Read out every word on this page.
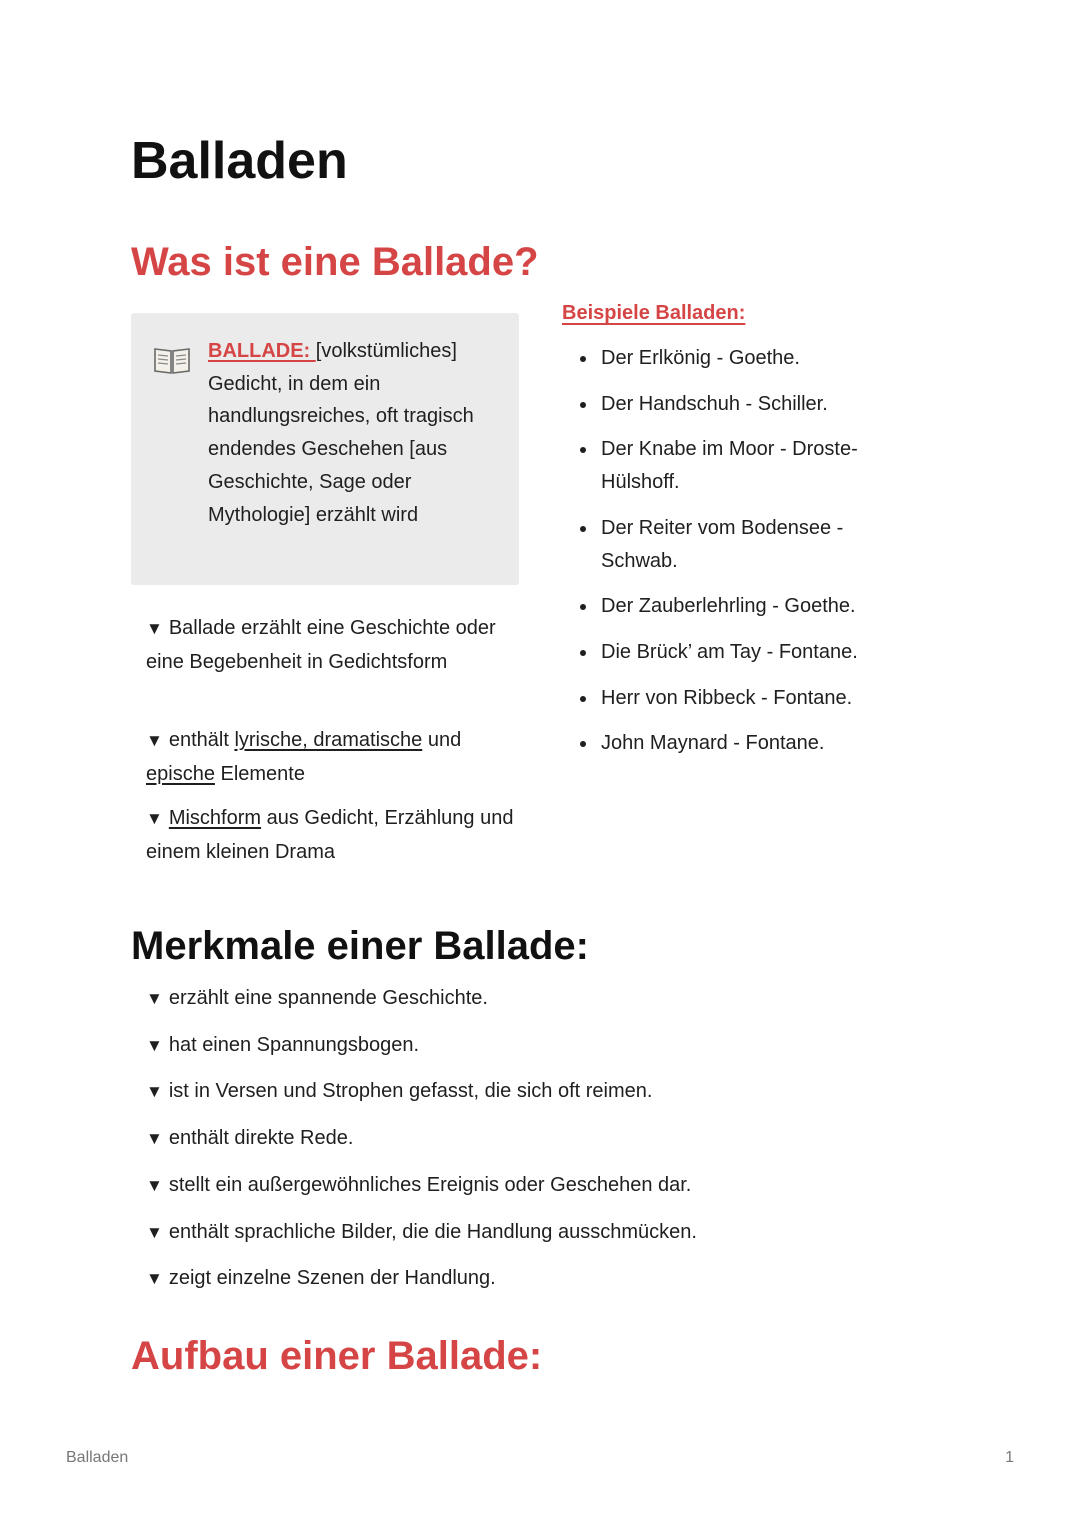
Balladen
Was ist eine Ballade?
BALLADE: [volkstümliches] Gedicht, in dem ein handlungsreiches, oft tragisch endendes Geschehen [aus Geschichte, Sage oder Mythologie] erzählt wird
▼ Ballade erzählt eine Geschichte oder eine Begebenheit in Gedichtsform
▼ enthält lyrische, dramatische und epische Elemente
▼ Mischform aus Gedicht, Erzählung und einem kleinen Drama
Beispiele Balladen:
Der Erlkönig - Goethe.
Der Handschuh - Schiller.
Der Knabe im Moor - Droste-Hülshoff.
Der Reiter vom Bodensee - Schwab.
Der Zauberlehrling - Goethe.
Die Brück’ am Tay - Fontane.
Herr von Ribbeck - Fontane.
John Maynard - Fontane.
Merkmale einer Ballade:
▼ erzählt eine spannende Geschichte.
▼ hat einen Spannungsbogen.
▼ ist in Versen und Strophen gefasst, die sich oft reimen.
▼ enthält direkte Rede.
▼ stellt ein außergewöhnliches Ereignis oder Geschehen dar.
▼ enthält sprachliche Bilder, die die Handlung ausschmücken.
▼ zeigt einzelne Szenen der Handlung.
Aufbau einer Ballade:
Balladen	1
